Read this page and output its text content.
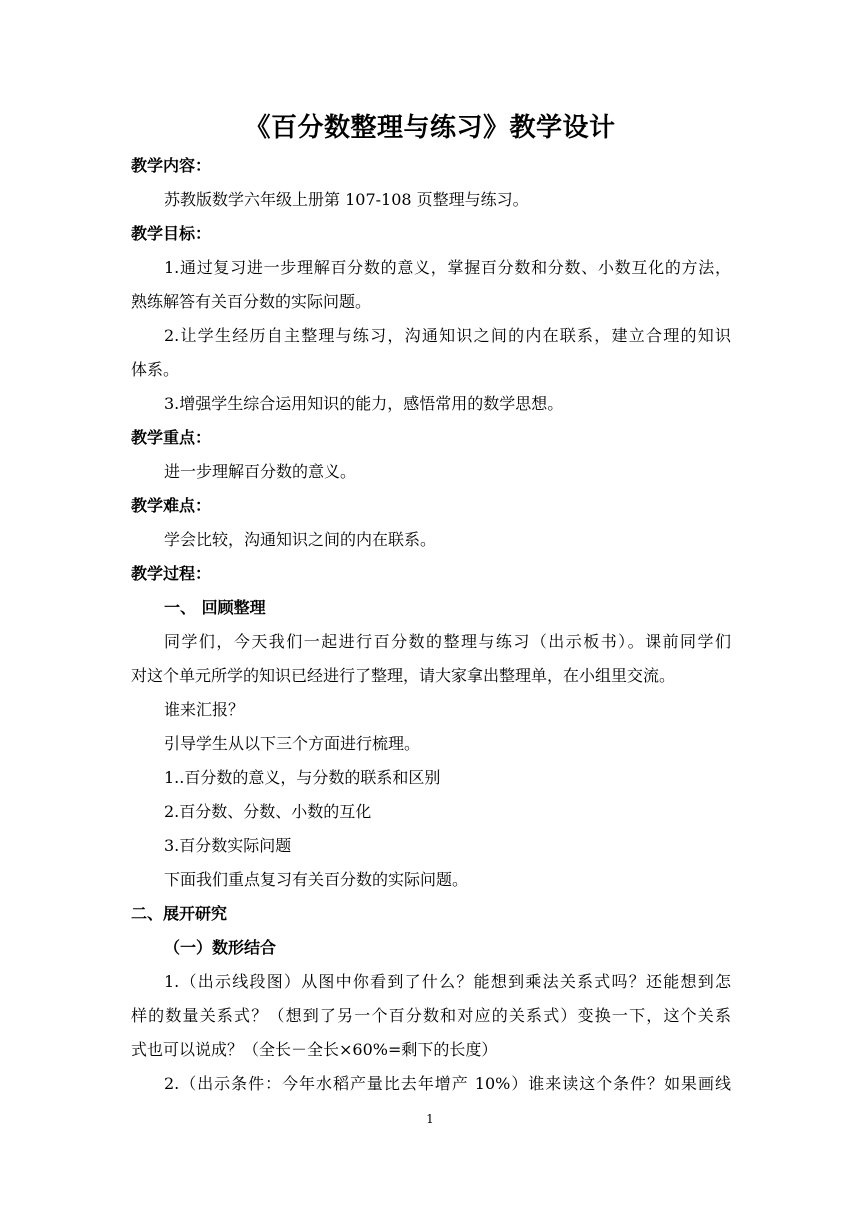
《百分数整理与练习》教学设计
教学内容：
苏教版数学六年级上册第 107-108 页整理与练习。
教学目标：
1.通过复习进一步理解百分数的意义，掌握百分数和分数、小数互化的方法，
熟练解答有关百分数的实际问题。
2.让学生经历自主整理与练习，沟通知识之间的内在联系，建立合理的知识
体系。
3.增强学生综合运用知识的能力，感悟常用的数学思想。
教学重点：
进一步理解百分数的意义。
教学难点：
学会比较，沟通知识之间的内在联系。
教学过程：
一、 回顾整理
同学们，今天我们一起进行百分数的整理与练习（出示板书）。课前同学们
对这个单元所学的知识已经进行了整理，请大家拿出整理单，在小组里交流。
谁来汇报？
引导学生从以下三个方面进行梳理。
1..百分数的意义，与分数的联系和区别
2.百分数、分数、小数的互化
3.百分数实际问题
下面我们重点复习有关百分数的实际问题。
二、展开研究
（一）数形结合
1.（出示线段图）从图中你看到了什么？能想到乘法关系式吗？还能想到怎
样的数量关系式？（想到了另一个百分数和对应的关系式）变换一下，这个关系
式也可以说成？（全长－全长×60%=剩下的长度）
2.（出示条件：今年水稻产量比去年增产 10%）谁来读这个条件？如果画线
1
